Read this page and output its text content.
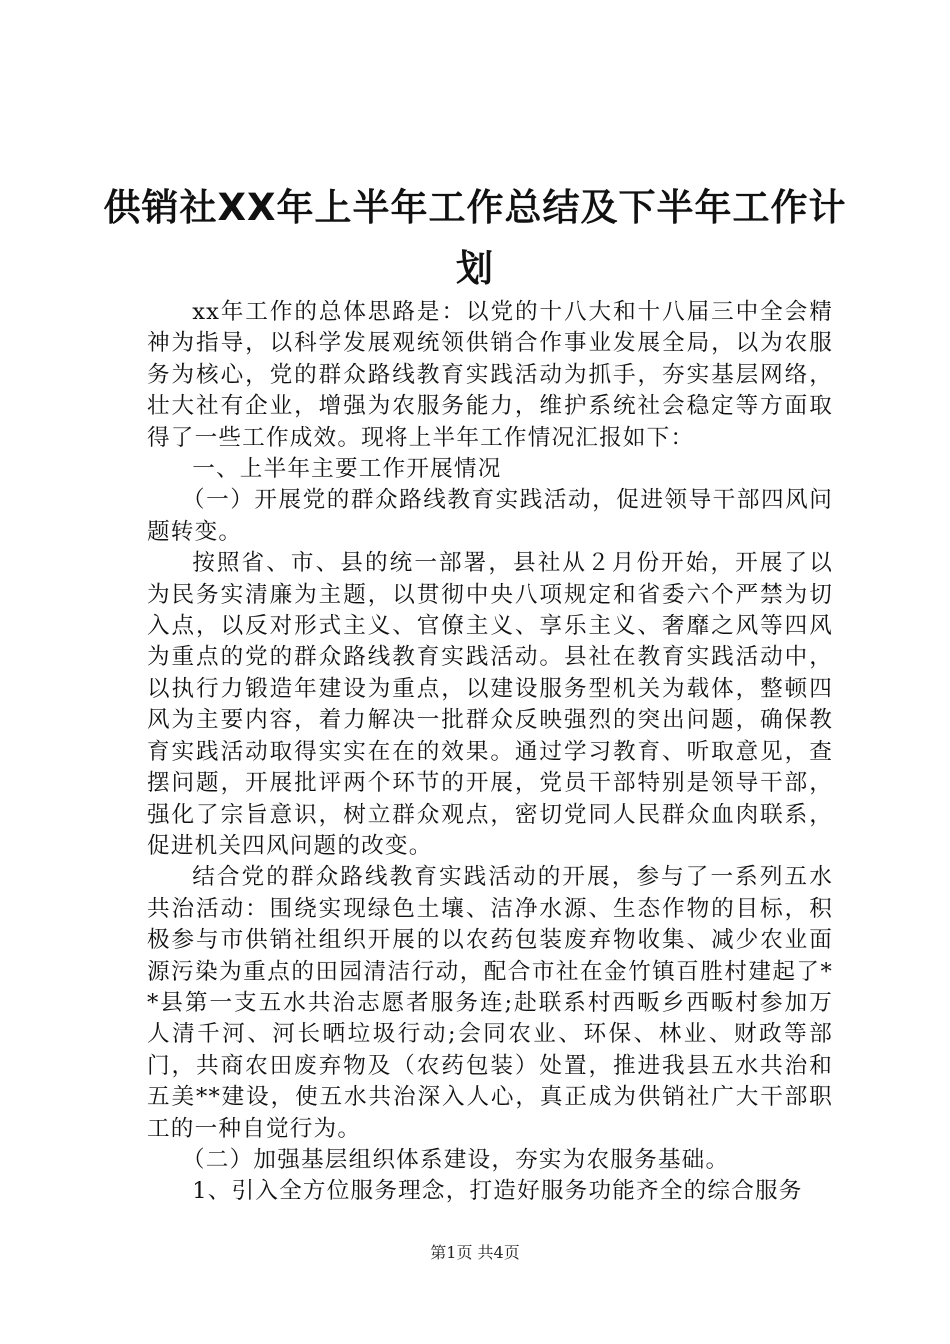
供销社XX年上半年工作总结及下半年工作计
划

xx年工作的总体思路是：以党的十八大和十八届三中全会精神为指导，以科学发展观统领供销合作事业发展全局，以为农服务为核心，党的群众路线教育实践活动为抓手，夯实基层网络，壮大社有企业，增强为农服务能力，维护系统社会稳定等方面取得了一些工作成效。现将上半年工作情况汇报如下：

一、上半年主要工作开展情况

（一）开展党的群众路线教育实践活动，促进领导干部四风问题转变。

按照省、市、县的统一部署，县社从２月份开始，开展了以为民务实清廉为主题，以贯彻中央八项规定和省委六个严禁为切入点，以反对形式主义、官僚主义、享乐主义、奢靡之风等四风为重点的党的群众路线教育实践活动。县社在教育实践活动中，以执行力锻造年建设为重点，以建设服务型机关为载体，整顿四风为主要内容，着力解决一批群众反映强烈的突出问题，确保教育实践活动取得实实在在的效果。通过学习教育、听取意见，查摆问题，开展批评两个环节的开展，党员干部特别是领导干部，强化了宗旨意识，树立群众观点，密切党同人民群众血肉联系，促进机关四风问题的改变。

结合党的群众路线教育实践活动的开展，参与了一系列五水共治活动：围绕实现绿色土壤、洁净水源、生态作物的目标，积极参与市供销社组织开展的以农药包装废弃物收集、减少农业面源污染为重点的田园清洁行动，配合市社在金竹镇百胜村建起了**县第一支五水共治志愿者服务连;赴联系村西畈乡西畈村参加万人清千河、河长晒垃圾行动;会同农业、环保、林业、财政等部门，共商农田废弃物及（农药包装）处置，推进我县五水共治和五美**建设，使五水共治深入人心，真正成为供销社广大干部职工的一种自觉行为。

（二）加强基层组织体系建设，夯实为农服务基础。

1、引入全方位服务理念，打造好服务功能齐全的综合服务

第1页 共4页
